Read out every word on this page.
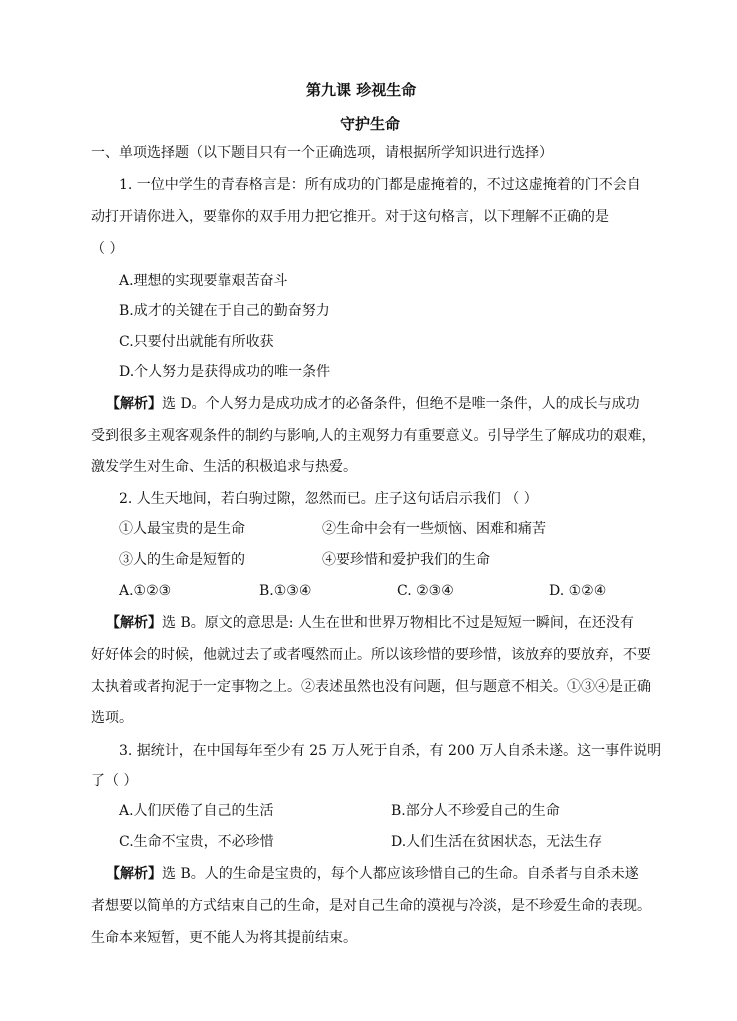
第九课 珍视生命
守护生命
一、单项选择题（以下题目只有一个正确选项，请根据所学知识进行选择）
1. 一位中学生的青春格言是：所有成功的门都是虚掩着的，不过这虚掩着的门不会自
动打开请你进入，要靠你的双手用力把它推开。对于这句格言，以下理解不正确的是
（ ）
A.理想的实现要靠艰苦奋斗
B.成才的关键在于自己的勤奋努力
C.只要付出就能有所收获
D.个人努力是获得成功的唯一条件
【解析】选 D。个人努力是成功成才的必备条件，但绝不是唯一条件，人的成长与成功
受到很多主观客观条件的制约与影响,人的主观努力有重要意义。引导学生了解成功的艰难，
激发学生对生命、生活的积极追求与热爱。
2. 人生天地间，若白驹过隙，忽然而已。庄子这句话启示我们 （ ）
①人最宝贵的是生命	②生命中会有一些烦恼、困难和痛苦
③人的生命是短暂的	④要珍惜和爱护我们的生命
A.①②③	B.①③④	C. ②③④	D. ①②④
【解析】选 B。原文的意思是: 人生在世和世界万物相比不过是短短一瞬间，在还没有
好好体会的时候，他就过去了或者嘎然而止。所以该珍惜的要珍惜，该放弃的要放弃，不要
太执着或者拘泥于一定事物之上。②表述虽然也没有问题，但与题意不相关。①③④是正确
选项。
3. 据统计，在中国每年至少有 25 万人死于自杀，有 200 万人自杀未遂。这一事件说明
了（ ）
A.人们厌倦了自己的生活	B.部分人不珍爱自己的生命
C.生命不宝贵，不必珍惜	D.人们生活在贫困状态，无法生存
【解析】选 B。人的生命是宝贵的，每个人都应该珍惜自己的生命。自杀者与自杀未遂
者想要以简单的方式结束自己的生命，是对自己生命的漠视与冷淡，是不珍爱生命的表现。
生命本来短暂，更不能人为将其提前结束。
